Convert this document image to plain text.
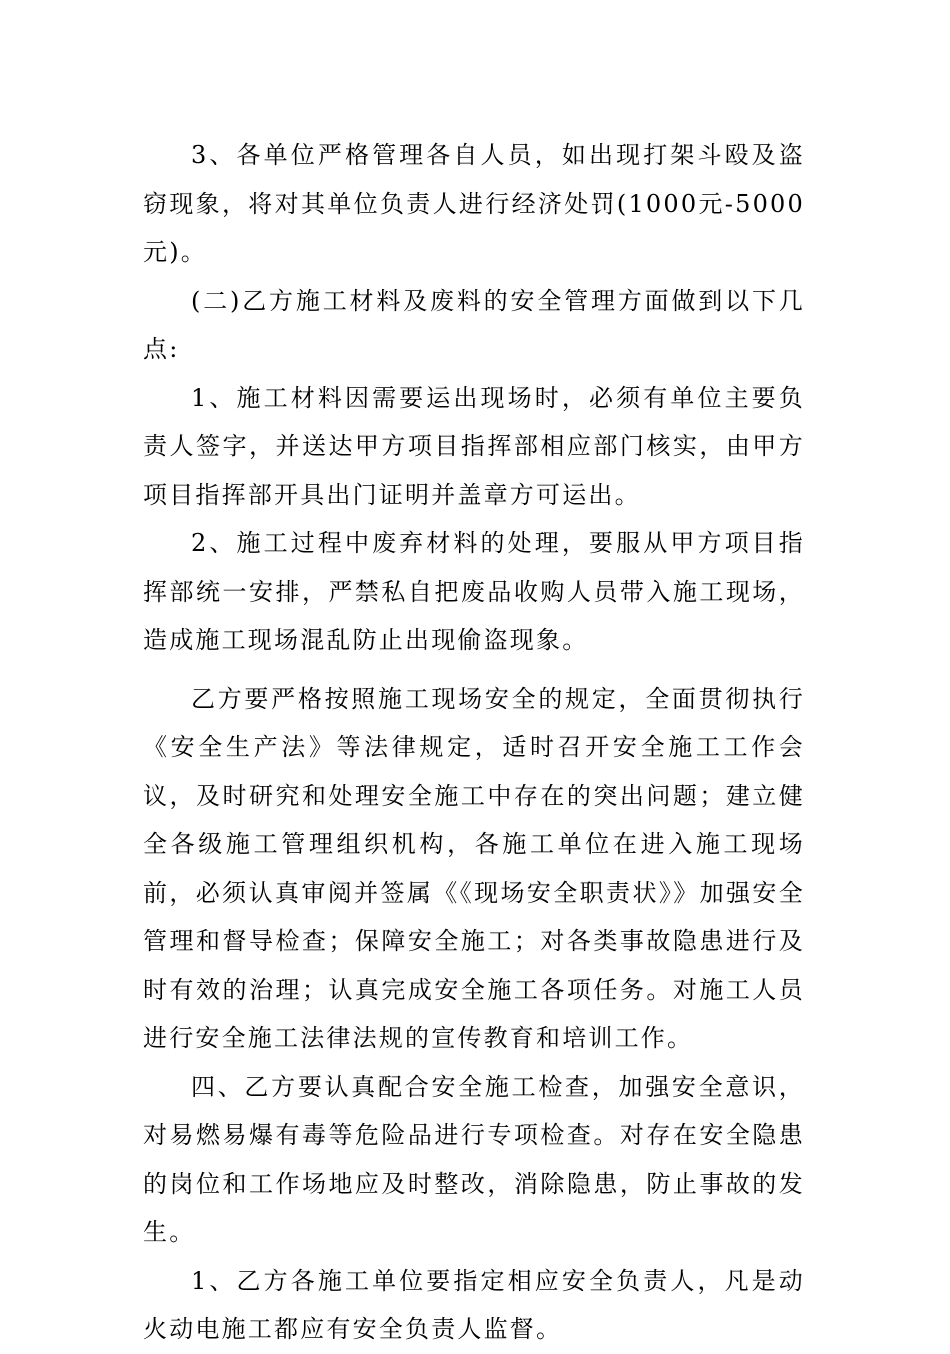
3、各单位严格管理各自人员，如出现打架斗殴及盗窃现象，将对其单位负责人进行经济处罚(1000元-5000元)。

(二)乙方施工材料及废料的安全管理方面做到以下几点:

1、施工材料因需要运出现场时，必须有单位主要负责人签字，并送达甲方项目指挥部相应部门核实，由甲方项目指挥部开具出门证明并盖章方可运出。

2、施工过程中废弃材料的处理，要服从甲方项目指挥部统一安排，严禁私自把废品收购人员带入施工现场，造成施工现场混乱防止出现偷盗现象。

乙方要严格按照施工现场安全的规定，全面贯彻执行《安全生产法》等法律规定，适时召开安全施工工作会议，及时研究和处理安全施工中存在的突出问题；建立健全各级施工管理组织机构，各施工单位在进入施工现场前，必须认真审阅并签属《《现场安全职责状》》加强安全管理和督导检查；保障安全施工；对各类事故隐患进行及时有效的治理；认真完成安全施工各项任务。对施工人员进行安全施工法律法规的宣传教育和培训工作。

四、乙方要认真配合安全施工检查，加强安全意识，对易燃易爆有毒等危险品进行专项检查。对存在安全隐患的岗位和工作场地应及时整改，消除隐患，防止事故的发生。

1、乙方各施工单位要指定相应安全负责人，凡是动火动电施工都应有安全负责人监督。
